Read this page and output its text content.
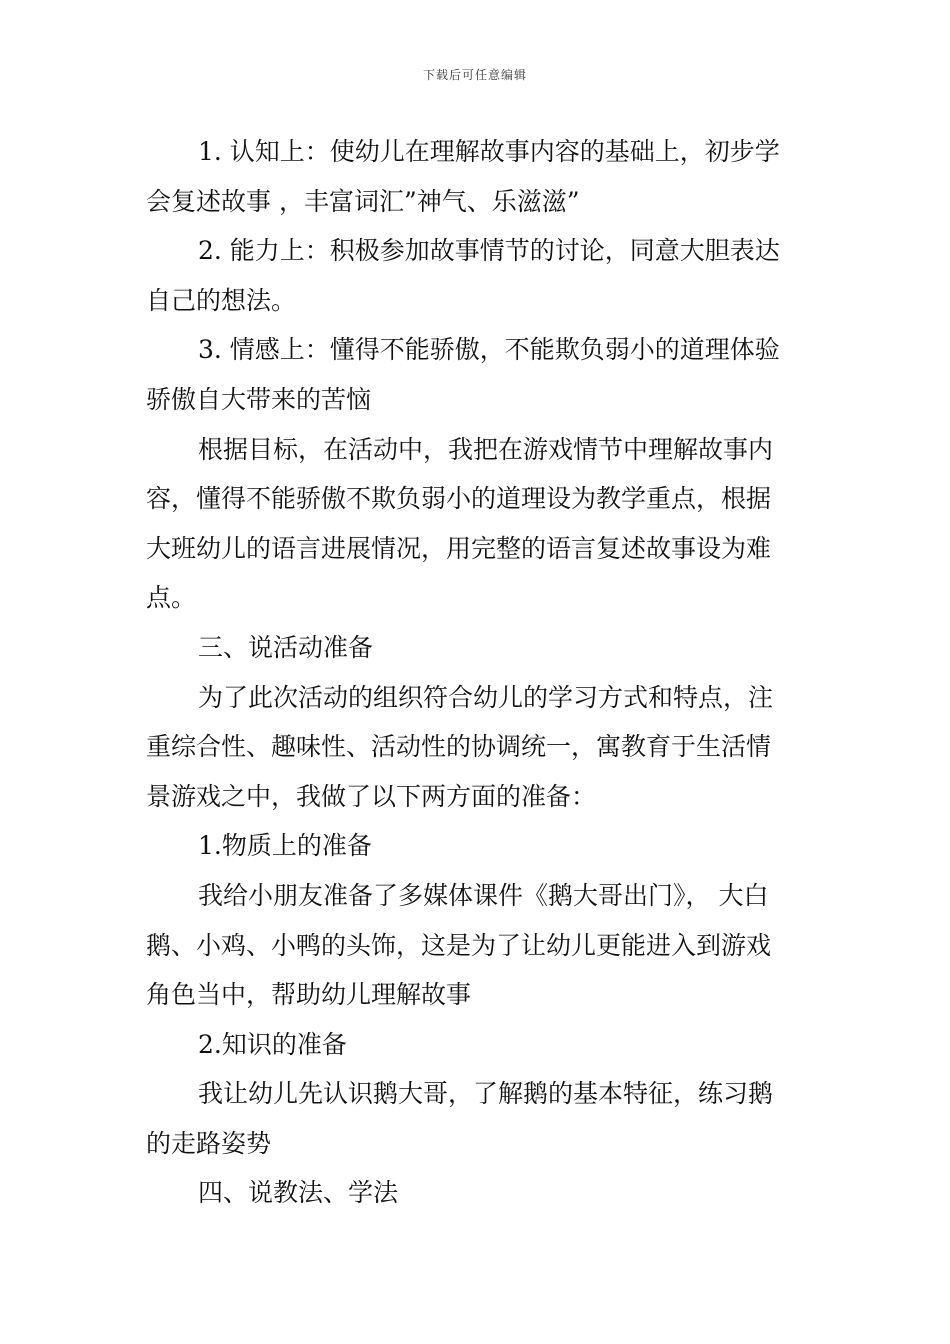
下载后可任意编辑
1. 认知上：使幼儿在理解故事内容的基础上，初步学
会复述故事 ，丰富词汇”神气、乐滋滋”
2. 能力上：积极参加故事情节的讨论，同意大胆表达
自己的想法。
3. 情感上：懂得不能骄傲，不能欺负弱小的道理体验
骄傲自大带来的苦恼
根据目标，在活动中，我把在游戏情节中理解故事内
容，懂得不能骄傲不欺负弱小的道理设为教学重点，根据
大班幼儿的语言进展情况，用完整的语言复述故事设为难
点。
三、说活动准备
为了此次活动的组织符合幼儿的学习方式和特点，注
重综合性、趣味性、活动性的协调统一，寓教育于生活情
景游戏之中，我做了以下两方面的准备：
1.物质上的准备
我给小朋友准备了多媒体课件《鹅大哥出门》， 大白
鹅、小鸡、小鸭的头饰，这是为了让幼儿更能进入到游戏
角色当中，帮助幼儿理解故事
2.知识的准备
我让幼儿先认识鹅大哥，了解鹅的基本特征，练习鹅
的走路姿势
四、说教法、学法
